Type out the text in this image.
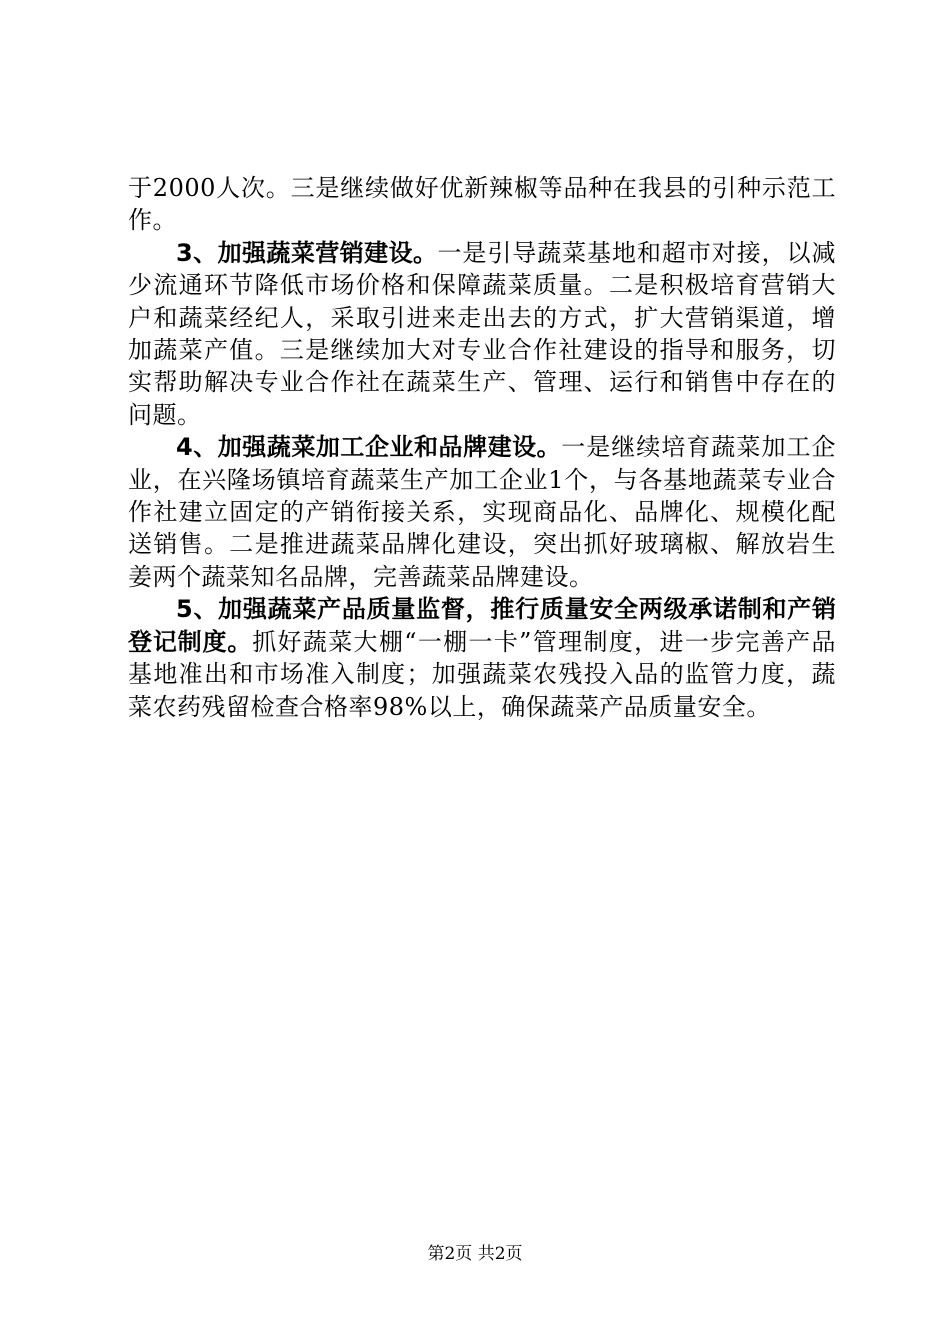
于2000人次。三是继续做好优新辣椒等品种在我县的引种示范工作。

3、加强蔬菜营销建设。一是引导蔬菜基地和超市对接，以减少流通环节降低市场价格和保障蔬菜质量。二是积极培育营销大户和蔬菜经纪人，采取引进来走出去的方式，扩大营销渠道，增加蔬菜产值。三是继续加大对专业合作社建设的指导和服务，切实帮助解决专业合作社在蔬菜生产、管理、运行和销售中存在的问题。

4、加强蔬菜加工企业和品牌建设。一是继续培育蔬菜加工企业，在兴隆场镇培育蔬菜生产加工企业1个，与各基地蔬菜专业合作社建立固定的产销衔接关系，实现商品化、品牌化、规模化配送销售。二是推进蔬菜品牌化建设，突出抓好玻璃椒、解放岩生姜两个蔬菜知名品牌，完善蔬菜品牌建设。

5、加强蔬菜产品质量监督，推行质量安全两级承诺制和产销登记制度。抓好蔬菜大棚“一棚一卡”管理制度，进一步完善产品基地准出和市场准入制度；加强蔬菜农残投入品的监管力度，蔬菜农药残留检查合格率98%以上，确保蔬菜产品质量安全。

第2页 共2页
